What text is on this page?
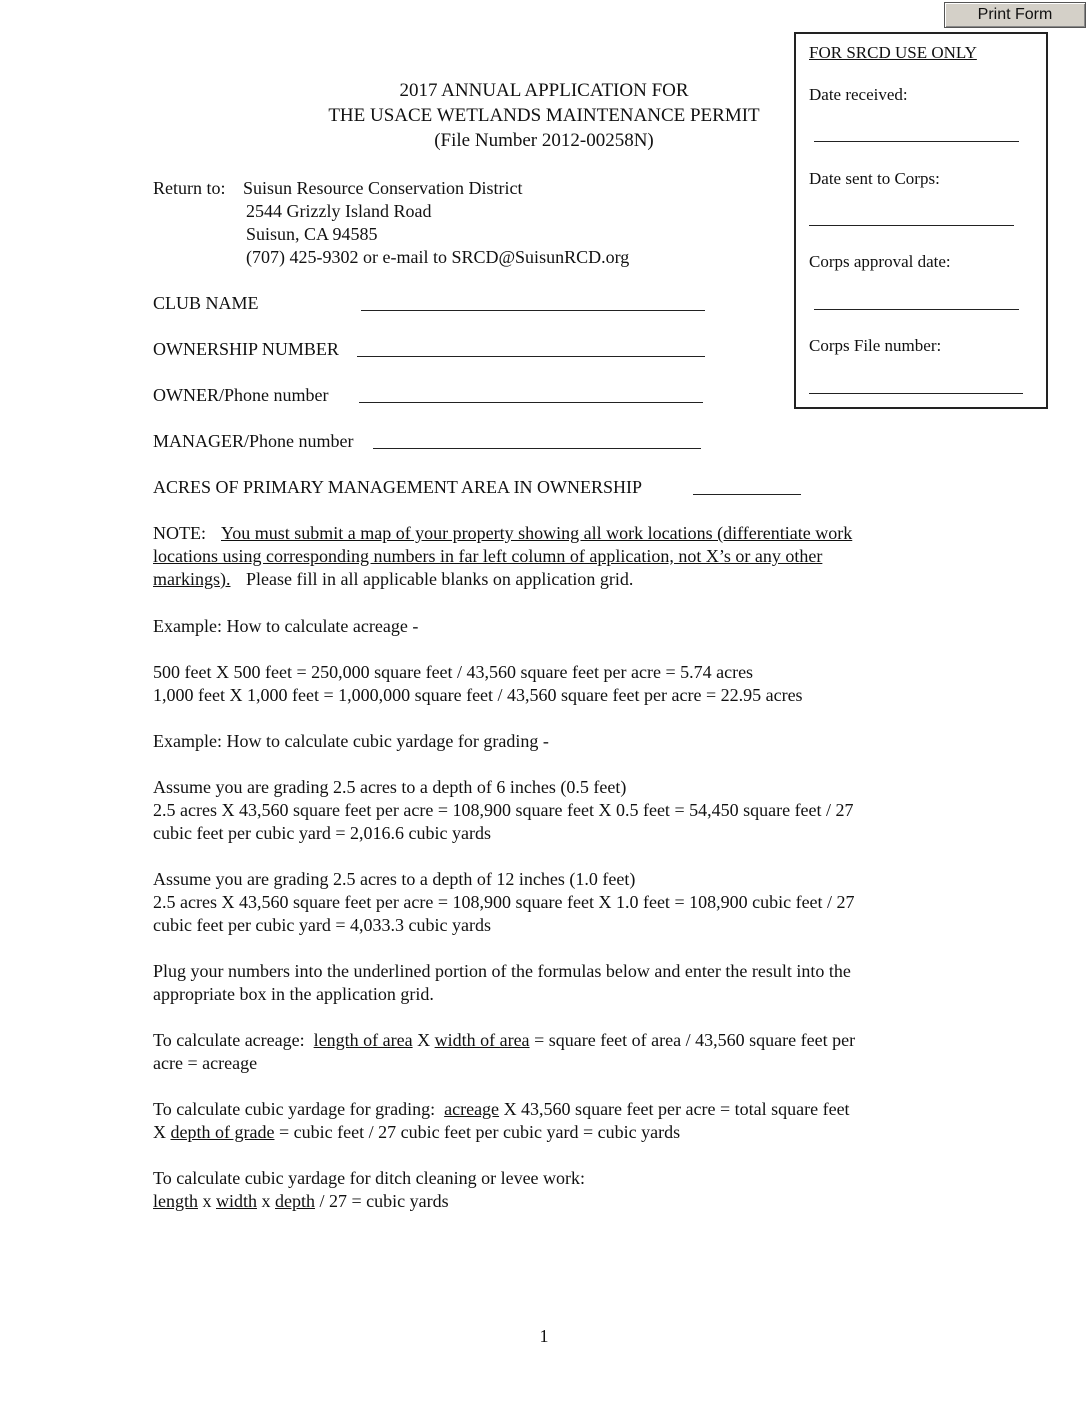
Print Form
FOR SRCD USE ONLY
Date received:
Date sent to Corps:
Corps approval date:
Corps File number:
2017 ANNUAL APPLICATION FOR
THE USACE WETLANDS MAINTENANCE PERMIT
(File Number 2012-00258N)
Return to: Suisun Resource Conservation District
2544 Grizzly Island Road
Suisun, CA 94585
(707) 425-9302 or e-mail to SRCD@SuisunRCD.org
CLUB NAME
OWNERSHIP NUMBER
OWNER/Phone number
MANAGER/Phone number
ACRES OF PRIMARY MANAGEMENT AREA IN OWNERSHIP
NOTE: You must submit a map of your property showing all work locations (differentiate work
locations using corresponding numbers in far left column of application, not X’s or any other
markings). Please fill in all applicable blanks on application grid.
Example: How to calculate acreage -
500 feet X 500 feet = 250,000 square feet / 43,560 square feet per acre = 5.74 acres
1,000 feet X 1,000 feet = 1,000,000 square feet / 43,560 square feet per acre = 22.95 acres
Example: How to calculate cubic yardage for grading -
Assume you are grading 2.5 acres to a depth of 6 inches (0.5 feet)
2.5 acres X 43,560 square feet per acre = 108,900 square feet X 0.5 feet = 54,450 square feet / 27
cubic feet per cubic yard = 2,016.6 cubic yards
Assume you are grading 2.5 acres to a depth of 12 inches (1.0 feet)
2.5 acres X 43,560 square feet per acre = 108,900 square feet X 1.0 feet = 108,900 cubic feet / 27
cubic feet per cubic yard = 4,033.3 cubic yards
Plug your numbers into the underlined portion of the formulas below and enter the result into the
appropriate box in the application grid.
To calculate acreage: length of area X width of area = square feet of area / 43,560 square feet per
acre = acreage
To calculate cubic yardage for grading: acreage X 43,560 square feet per acre = total square feet
X depth of grade = cubic feet / 27 cubic feet per cubic yard = cubic yards
To calculate cubic yardage for ditch cleaning or levee work:
length x width x depth / 27 = cubic yards
1
